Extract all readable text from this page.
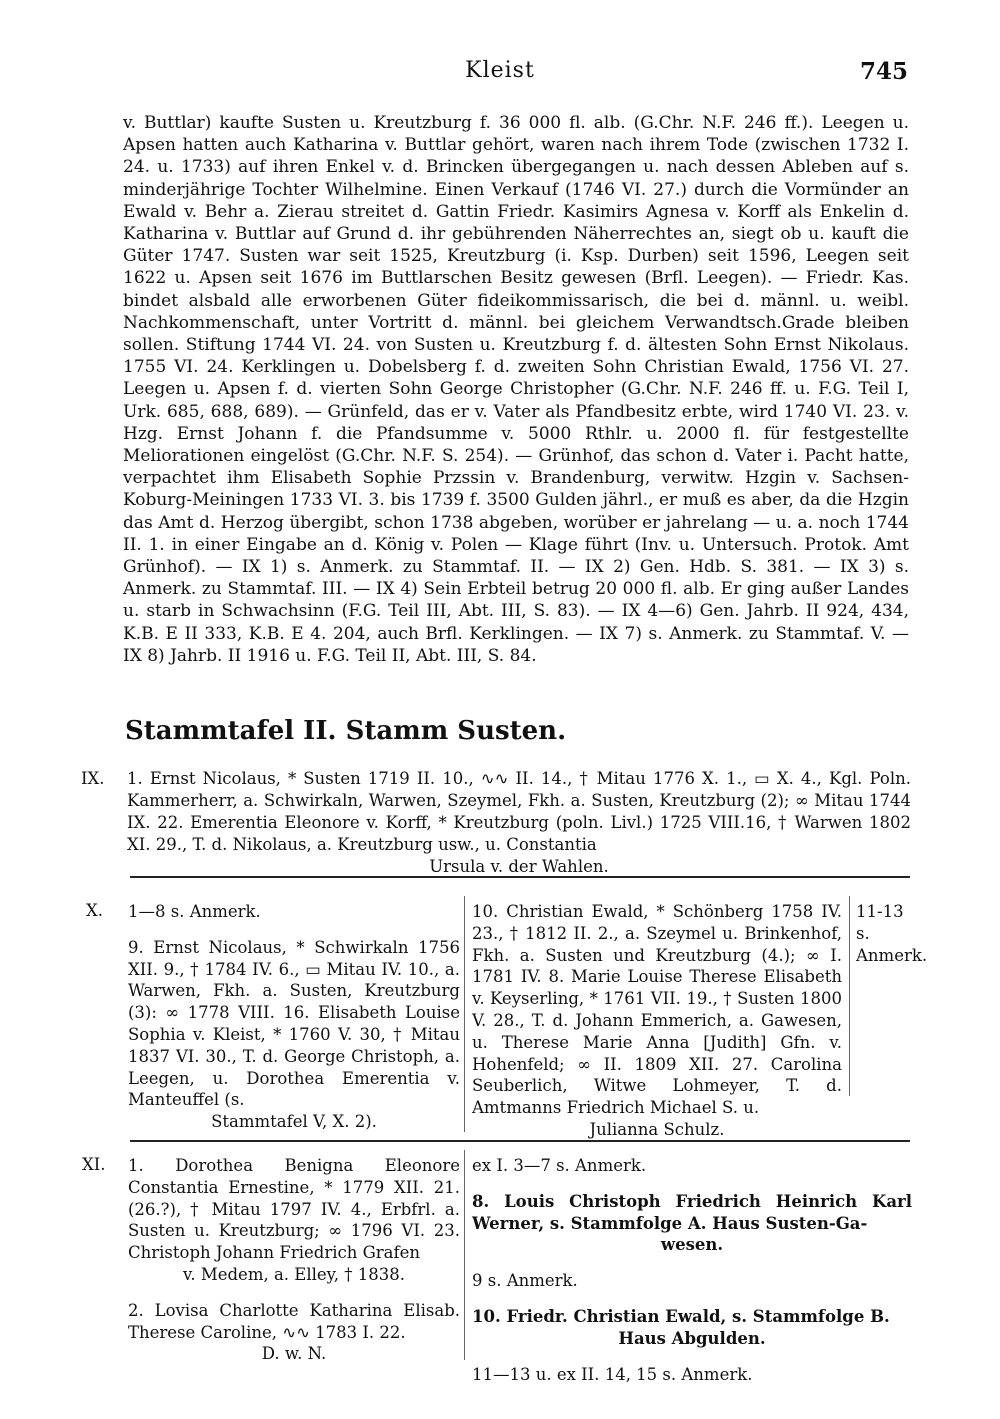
Kleist	745
v. Buttlar) kaufte Susten u. Kreutzburg f. 36 000 fl. alb. (G.Chr. N.F. 246 ff.). Leegen u. Apsen hatten auch Katharina v. Buttlar gehört, waren nach ihrem Tode (zwischen 1732 I. 24. u. 1733) auf ihren Enkel v. d. Brincken übergegangen u. nach dessen Ableben auf s. minderjährige Tochter Wilhelmine. Einen Verkauf (1746 VI. 27.) durch die Vormünder an Ewald v. Behr a. Zierau streitet d. Gattin Friedr. Kasimirs Agnesa v. Korff als Enkelin d. Katharina v. Buttlar auf Grund d. ihr gebührenden Näherrechtes an, siegt ob u. kauft die Güter 1747. Susten war seit 1525, Kreutzburg (i. Ksp. Durben) seit 1596, Leegen seit 1622 u. Apsen seit 1676 im Buttlarschen Besitz gewesen (Brfl. Leegen). — Friedr. Kas. bindet alsbald alle erworbenen Güter fideikommissarisch, die bei d. männl. u. weibl. Nachkommenschaft, unter Vortritt d. männl. bei gleichem Verwandtsch.Grade bleiben sollen. Stiftung 1744 VI. 24. von Susten u. Kreutzburg f. d. ältesten Sohn Ernst Nikolaus. 1755 VI. 24. Kerklingen u. Dobelsberg f. d. zweiten Sohn Christian Ewald, 1756 VI. 27. Leegen u. Apsen f. d. vierten Sohn George Christopher (G.Chr. N.F. 246 ff. u. F.G. Teil I, Urk. 685, 688, 689). — Grünfeld, das er v. Vater als Pfandbesitz erbte, wird 1740 VI. 23. v. Hzg. Ernst Johann f. die Pfandsumme v. 5000 Rthlr. u. 2000 fl. für festgestellte Meliorationen eingelöst (G.Chr. N.F. S. 254). — Grünhof, das schon d. Vater i. Pacht hatte, verpachtet ihm Elisabeth Sophie Przssin v. Brandenburg, verwitw. Hzgin v. Sachsen-Koburg-Meiningen 1733 VI. 3. bis 1739 f. 3500 Gulden jährl., er muß es aber, da die Hzgin das Amt d. Herzog übergibt, schon 1738 abgeben, worüber er jahrelang — u. a. noch 1744 II. 1. in einer Eingabe an d. König v. Polen — Klage führt (Inv. u. Untersuch. Protok. Amt Grünhof). — IX 1) s. Anmerk. zu Stammtaf. II. — IX 2) Gen. Hdb. S. 381. — IX 3) s. Anmerk. zu Stammtaf. III. — IX 4) Sein Erbteil betrug 20 000 fl. alb. Er ging außer Landes u. starb in Schwachsinn (F.G. Teil III, Abt. III, S. 83). — IX 4—6) Gen. Jahrb. II 924, 434, K.B. E II 333, K.B. E 4. 204, auch Brfl. Kerklingen. — IX 7) s. Anmerk. zu Stammtaf. V. — IX 8) Jahrb. II 1916 u. F.G. Teil II, Abt. III, S. 84.
Stammtafel II. Stamm Susten.
IX. 1. Ernst Nicolaus, * Susten 1719 II. 10., ∿∿ II. 14., † Mitau 1776 X. 1., ▭ X. 4., Kgl. Poln. Kammerherr, a. Schwirkaln, Warwen, Szeymel, Fkh. a. Susten, Kreutzburg (2); ∞ Mitau 1744 IX. 22. Emerentia Eleonore v. Korff, * Kreutzburg (poln. Livl.) 1725 VIII.16, † Warwen 1802 XI. 29., T. d. Nikolaus, a. Kreutzburg usw., u. Constantia
Ursula v. der Wahlen.
X. 1—8 s. Anmerk.
9. Ernst Nicolaus, * Schwirkaln 1756 XII. 9., † 1784 IV. 6., ▭ Mitau IV. 10., a. Warwen, Fkh. a. Susten, Kreutzburg (3): ∞ 1778 VIII. 16. Elisabeth Louise Sophia v. Kleist, * 1760 V. 30, † Mitau 1837 VI. 30., T. d. George Christoph, a. Leegen, u. Dorothea Emerentia v. Manteuffel (s.
Stammtafel V, X. 2).
10. Christian Ewald, * Schönberg 1758 IV. 23., † 1812 II. 2., a. Szeymel u. Brinkenhof, Fkh. a. Susten und Kreutzburg (4.); ∞ I. 1781 IV. 8. Marie Louise Therese Elisabeth v. Keyserling, * 1761 VII. 19., † Susten 1800 V. 28., T. d. Johann Emmerich, a. Gawesen, u. Therese Marie Anna [Judith] Gfn. v. Hohenfeld; ∞ II. 1809 XII. 27. Carolina Seuberlich, Witwe Lohmeyer, T. d. Amtmanns Friedrich Michael S. u.
Julianna Schulz.
11-13 s. Anmerk.
XI. 1. Dorothea Benigna Eleonore Constantia Ernestine, * 1779 XII. 21. (26.?), † Mitau 1797 IV. 4., Erbfrl. a. Susten u. Kreutzburg; ∞ 1796 VI. 23. Christoph Johann Friedrich Grafen
v. Medem, a. Elley, † 1838.
2. Lovisa Charlotte Katharina Elisab. Therese Caroline, ∿∿ 1783 I. 22.
D. w. N.
ex I. 3—7 s. Anmerk.
8. Louis Christoph Friedrich Heinrich Karl Werner, s. Stammfolge A. Haus Susten-Ga-
wesen.
9 s. Anmerk.
10. Friedr. Christian Ewald, s. Stammfolge B.
Haus Abgulden.
11—13 u. ex II. 14, 15 s. Anmerk.
